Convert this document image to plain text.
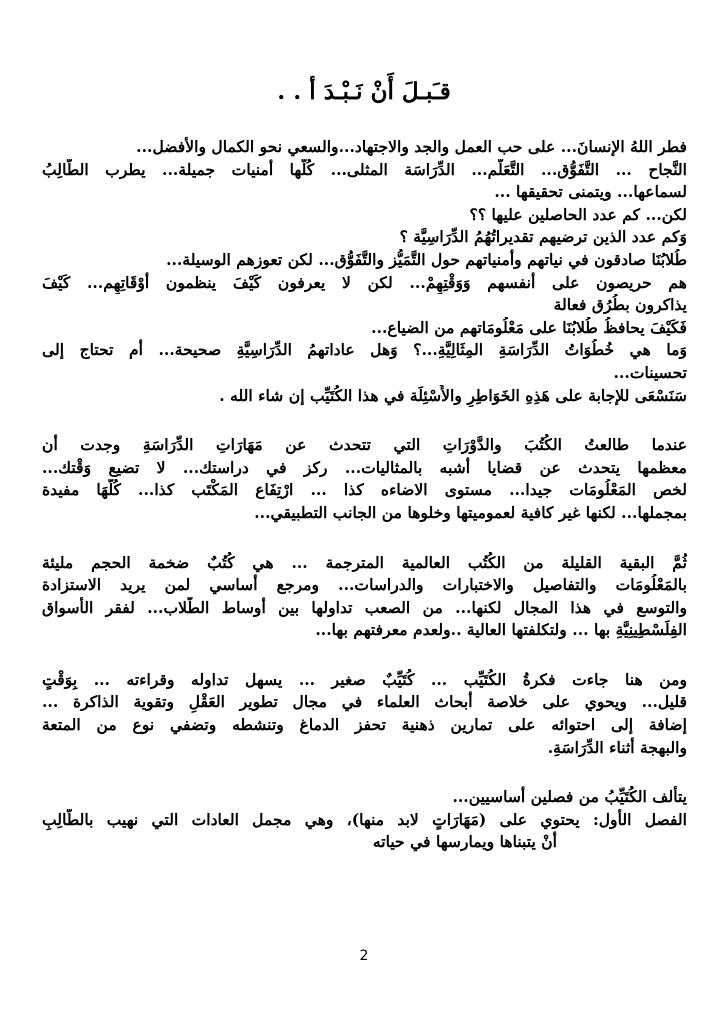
قـَبـلَ أَنْ نَـبْـدَ أ . .
فطر اللهُ الإنسانَ... على حب العمل والجد والاجتهاد...والسعي نحو الكمال والأفضل...
النَّجاح ... التَّفَوُّق... التَّعَلُّم... الدِّرَاسَة المثلى... كُلُّها أمنيات جميلة... يطرب الطَّالِبُ
لسماعها... ويتمنى تحقيقها ...
لكن... كم عدد الحاصلين عليها ؟؟
وَكم عدد الذين ترضيهم تقديراتُهُمُ الدِّرَاسِيَّة ؟
طُلابُنَا صادقون في نياتهم وأمنياتهم حول التَّمَيُّز والتَّفَوُّق... لكن تعوزهم الوسيلة...
هم حريصون على أنفسهم وَوَقْتِهِمْ... لكن لا يعرفون كَيْفَ ينظمون أَوْقَاتِهِم... كَيْفَ
يذاكرون بطُرُق فعالة
فَكَيْفَ يحافظُ طُلابُنَا على مَعْلُومَاتهم من الضياع...
وَما هي خُطُوَاتُ الدِّرَاسَةِ المِثَالِيَّةِ...؟ وَهل عاداتهمُ الدِّرَاسِيَّةِ صحيحة... أم تحتاج إلى
تحسينات...
سَنَسْعَى للإجابة على هَذِهِ الخَوَاطِرِ والأَسْئِلَة في هذا الكُتَيِّب إن شاء الله .
عندما طالعتُ الكُتُبَ والدَّوْرَاتِ التي تتحدث عن مَهَارَاتِ الدِّرَاسَةِ وجدت أن
معظمها يتحدث عن قضايا أشبه بالمثاليات... ركز في دراستك... لا تضيع وَقْتك...
لخص المَعْلُومَات جيدا... مستوى الاضاءه كذا ... ارْتِفَاع المَكْتَب كذا... كُلُّهَا مفيدة
بمجملها... لكنها غير كافية لعموميتها وخلوها من الجانب التطبيقي...
ثُمَّ البقية القليلة من الكُتُب العالمية المترجمة ... هي كُتُبٌ ضخمة الحجم مليئة
بالمَعْلُومَات والتفاصيل والاختبارات والدراسات... ومرجع أساسي لمن يريد الاستزادة
والتوسع في هذا المجال لكنها... من الصعب تداولها بين أوساط الطُّلاب... لفقر الأسواق
الفِلَسْطِينِيَّةِ بها ... ولتكلفتها العالية ..ولعدم معرفتهم بها...
ومن هنا جاءت فكرةُ الكُتَيِّب ... كُتَيِّبٌ صغير ... يسهل تداوله وقراءته ... بِوَقْتٍ
قليل... ويحوي على خلاصة أبحاث العلماء في مجال تطوير العَقْلِ وتقوية الذاكرة ...
إضافة إلى احتوائه على تمارين ذهنية تحفز الدماغ وتنشطه وتضفي نوع من المتعة
والبهجة أثناء الدِّرَاسَةِ.
يتألف الكُتَيِّبُ من فصلين أساسيين...
الفصل الأول: يحتوي على (مَهَارَاتٍ لابد منها)، وهي مجمل العادات التي نهيب بالطَّالِبِ
أَنْ يتبناها ويمارسها في حياته
2
